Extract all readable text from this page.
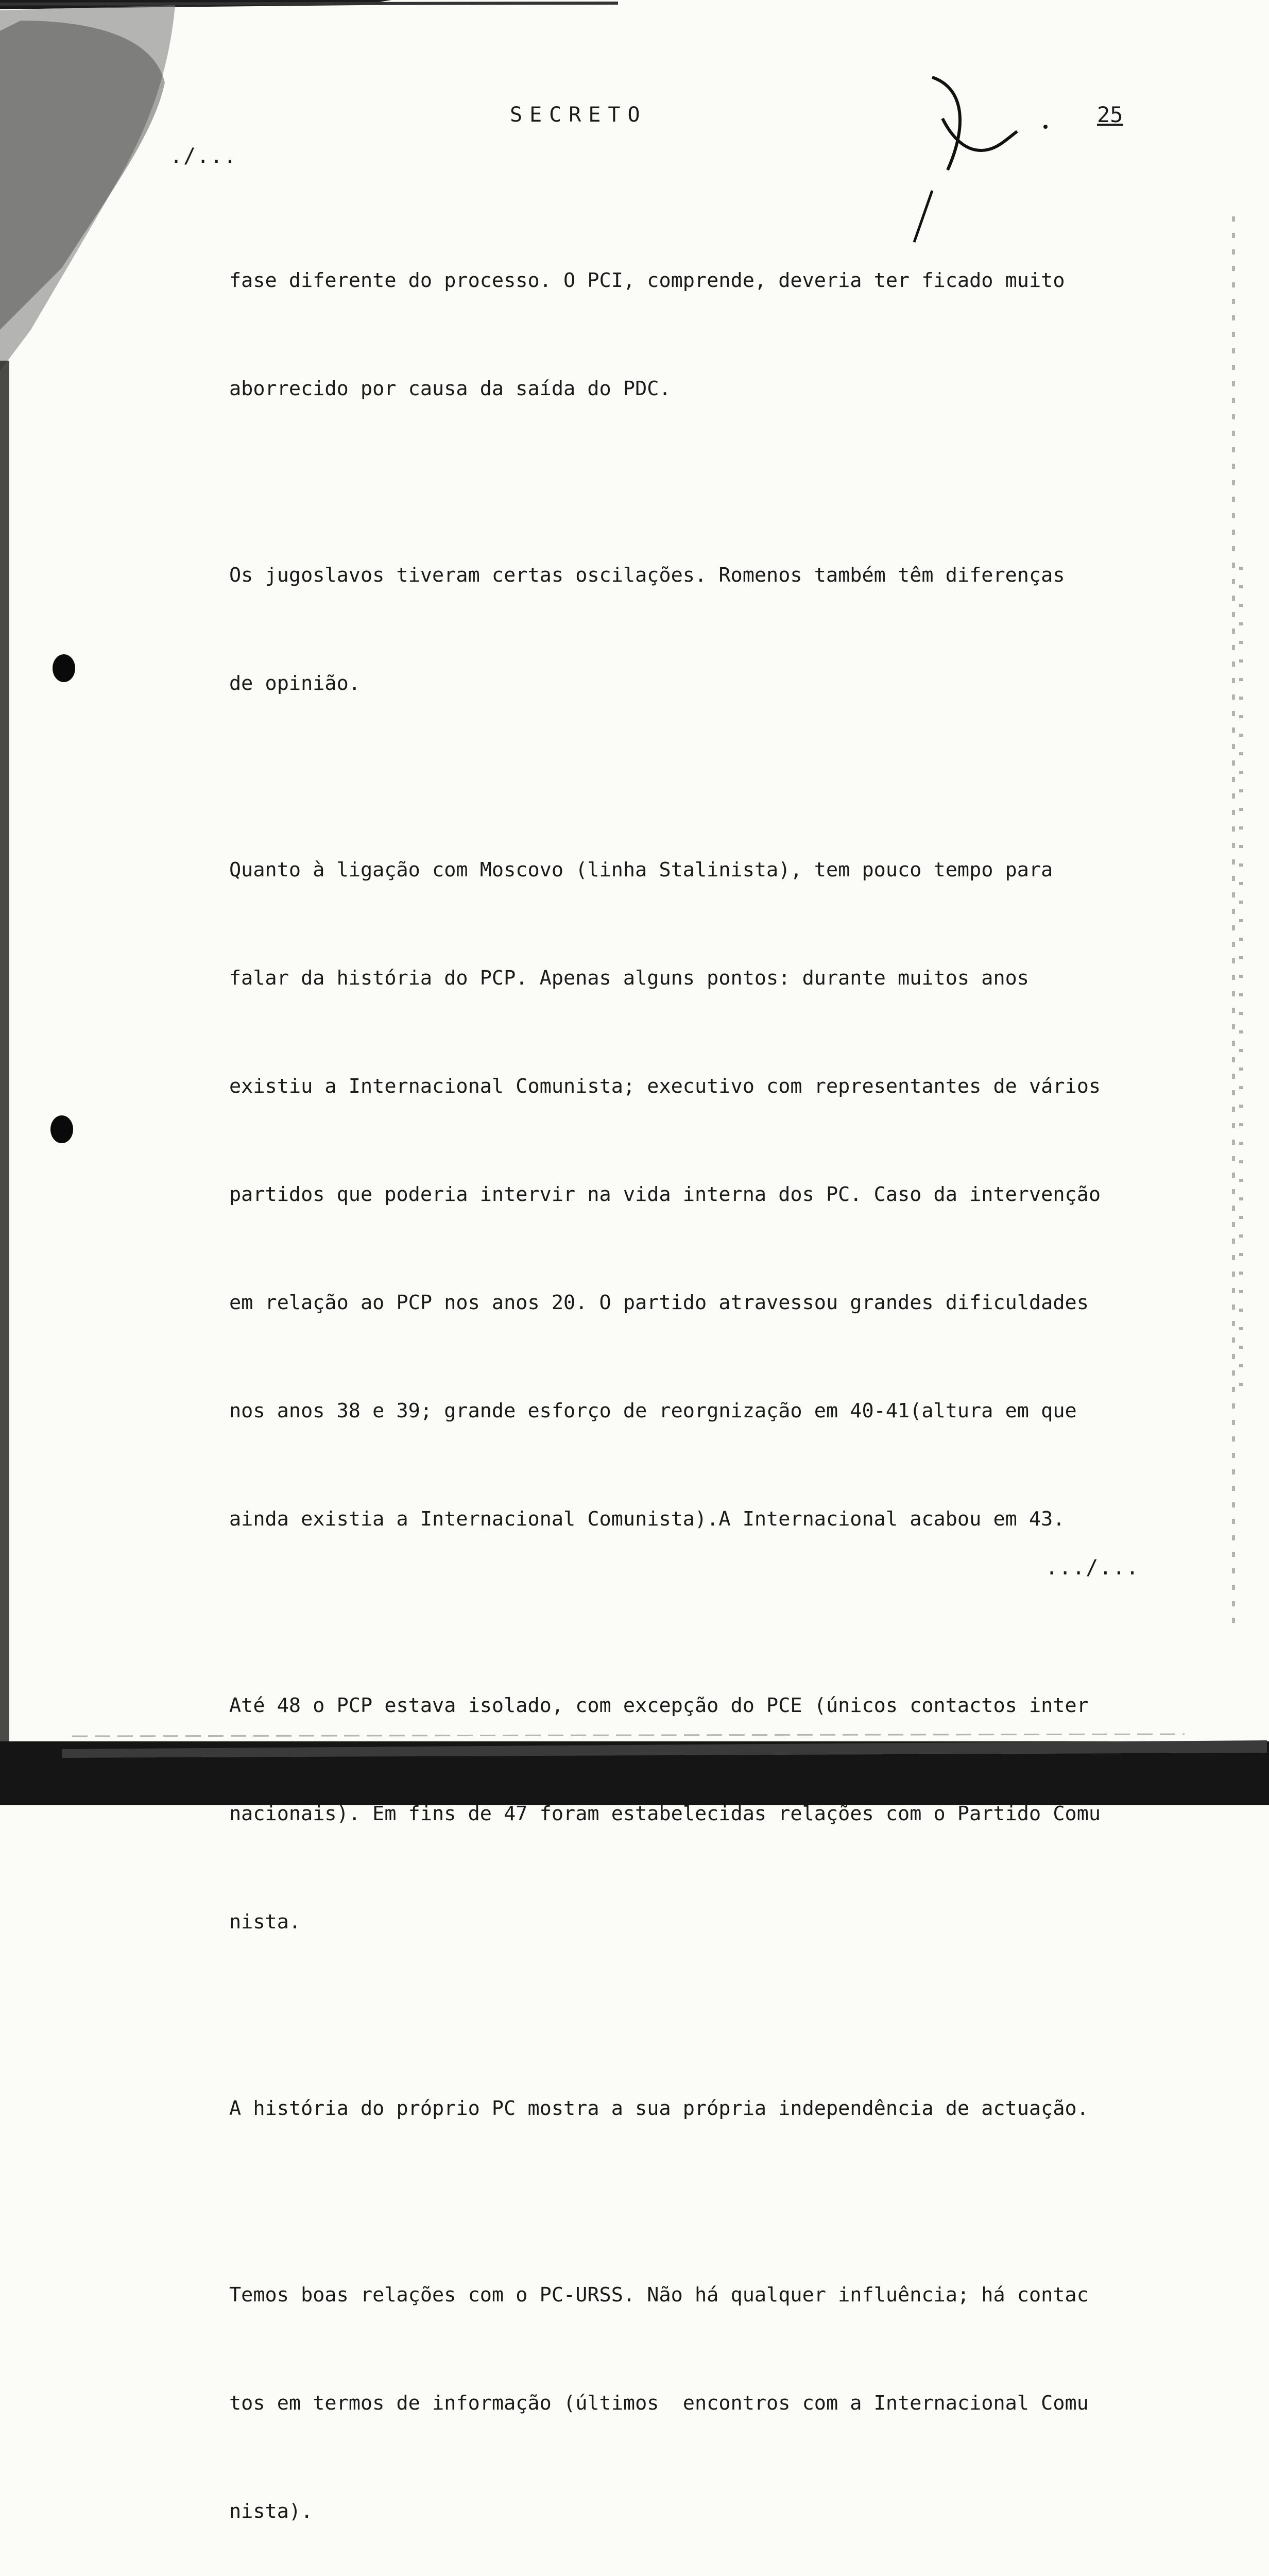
SECRETO	25
./...

fase diferente do processo. O PCI, comprende, deveria ter ficado muito

aborrecido por causa da saída do PDC.

Os jugoslavos tiveram certas oscilações. Romenos também têm diferenças

de opinião.

Quanto à ligação com Moscovo (linha Stalinista), tem pouco tempo para

falar da história do PCP. Apenas alguns pontos: durante muitos anos

existiu a Internacional Comunista; executivo com representantes de vários

partidos que poderia intervir na vida interna dos PC. Caso da intervenção

em relação ao PCP nos anos 20. O partido atravessou grandes dificuldades

nos anos 38 e 39; grande esforço de reorgnização em 40-41(altura em que

ainda existia a Internacional Comunista).A Internacional acabou em 43.

Até 48 o PCP estava isolado, com excepção do PCE (únicos contactos inter

nacionais). Em fins de 47 foram estabelecidas relações com o Partido Comu

nista.

A história do próprio PC mostra a sua própria independência de actuação.

Temos boas relações com o PC-URSS. Não há qualquer influência; há contac

tos em termos de informação (últimos  encontros com a Internacional Comu

nista).

.../...
